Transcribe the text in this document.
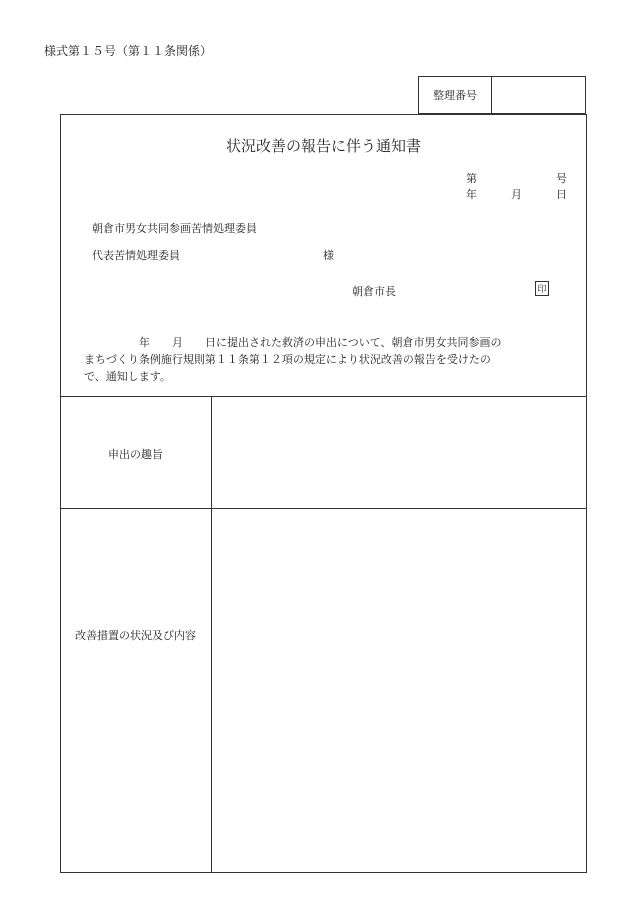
様式第１５号（第１１条関係）
整理番号
状況改善の報告に伴う通知書
第	号
年	月	日
朝倉市男女共同参画苦情処理委員
代表苦情処理委員	様
朝倉市長	印
　　　　　年　　月　　日に提出された救済の申出について、朝倉市男女共同参画の
まちづくり条例施行規則第１１条第１２項の規定により状況改善の報告を受けたの
で、通知します。
申出の趣旨
改善措置の状況及び内容
